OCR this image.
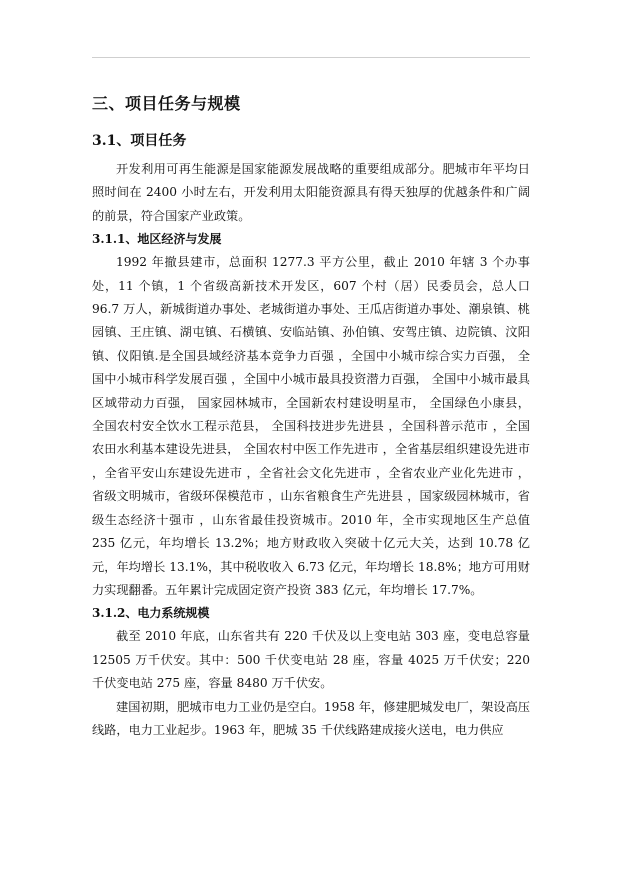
三、项目任务与规模
3.1、项目任务

开发利用可再生能源是国家能源发展战略的重要组成部分。肥城市年平均日照时间在 2400 小时左右，开发利用太阳能资源具有得天独厚的优越条件和广阔的前景，符合国家产业政策。

3.1.1、地区经济与发展

1992 年撤县建市，总面积 1277.3 平方公里，截止 2010 年辖 3 个办事处，11 个镇，1 个省级高新技术开发区，607 个村（居）民委员会，总人口 96.7 万人，新城街道办事处、老城街道办事处、王瓜店街道办事处、潮泉镇、桃园镇、王庄镇、湖屯镇、石横镇、安临站镇、孙伯镇、安驾庄镇、边院镇、汶阳镇、仪阳镇.是全国县域经济基本竞争力百强 ，全国中小城市综合实力百强， 全国中小城市科学发展百强 ，全国中小城市最具投资潜力百强， 全国中小城市最具区域带动力百强， 国家园林城市，全国新农村建设明星市， 全国绿色小康县， 全国农村安全饮水工程示范县， 全国科技进步先进县 ，全国科普示范市 ，全国农田水利基本建设先进县， 全国农村中医工作先进市 ，全省基层组织建设先进市 ，全省平安山东建设先进市 ，全省社会文化先进市 ，全省农业产业化先进市 ，省级文明城市，省级环保模范市 ，山东省粮食生产先进县 ，国家级园林城市，省级生态经济十强市 ，山东省最佳投资城市。2010 年，全市实现地区生产总值 235 亿元，年均增长 13.2%；地方财政收入突破十亿元大关，达到 10.78 亿元，年均增长 13.1%，其中税收收入 6.73 亿元，年均增长 18.8%；地方可用财力实现翻番。五年累计完成固定资产投资 383 亿元，年均增长 17.7%。

3.1.2、电力系统规模

截至 2010 年底，山东省共有 220 千伏及以上变电站 303 座，变电总容量 12505 万千伏安。其中：500 千伏变电站 28 座，容量 4025 万千伏安；220 千伏变电站 275 座，容量 8480 万千伏安。

建国初期，肥城市电力工业仍是空白。1958 年，修建肥城发电厂，架设高压线路，电力工业起步。1963 年，肥城 35 千伏线路建成接火送电，电力供应
